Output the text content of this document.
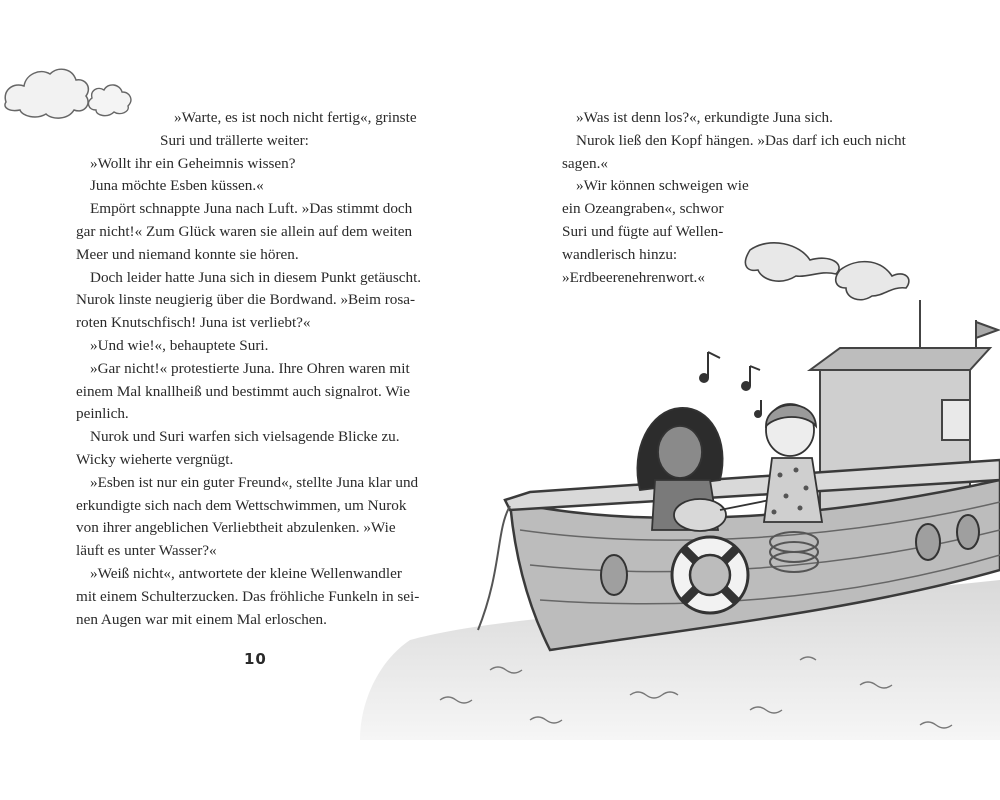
»Warte, es ist noch nicht fertig«, grinste

Suri und trällerte weiter:

»Wollt ihr ein Geheimnis wissen?

Juna möchte Esben küssen.«

Empört schnappte Juna nach Luft. »Das stimmt doch

gar nicht!« Zum Glück waren sie allein auf dem weiten

Meer und niemand konnte sie hören.

Doch leider hatte Juna sich in diesem Punkt getäuscht.

Nurok linste neugierig über die Bordwand. »Beim rosa-

roten Knutschfisch! Juna ist verliebt?«

»Und wie!«, behauptete Suri.

»Gar nicht!« protestierte Juna. Ihre Ohren waren mit

einem Mal knallheiß und bestimmt auch signalrot. Wie

peinlich.

Nurok und Suri warfen sich vielsagende Blicke zu.

Wicky wieherte vergnügt.

»Esben ist nur ein guter Freund«, stellte Juna klar und

erkundigte sich nach dem Wettschwimmen, um Nurok

von ihrer angeblichen Verliebtheit abzulenken. »Wie

läuft es unter Wasser?«

»Weiß nicht«, antwortete der kleine Wellenwandler

mit einem Schulterzucken. Das fröhliche Funkeln in sei-

nen Augen war mit einem Mal erloschen.

10

»Was ist denn los?«, erkundigte Juna sich.

Nurok ließ den Kopf hängen. »Das darf ich euch nicht

sagen.«

»Wir können schweigen wie

ein Ozeangraben«, schwor

Suri und fügte auf Wellen-

wandlerisch hinzu:

»Erdbeerenehrenwort.«
